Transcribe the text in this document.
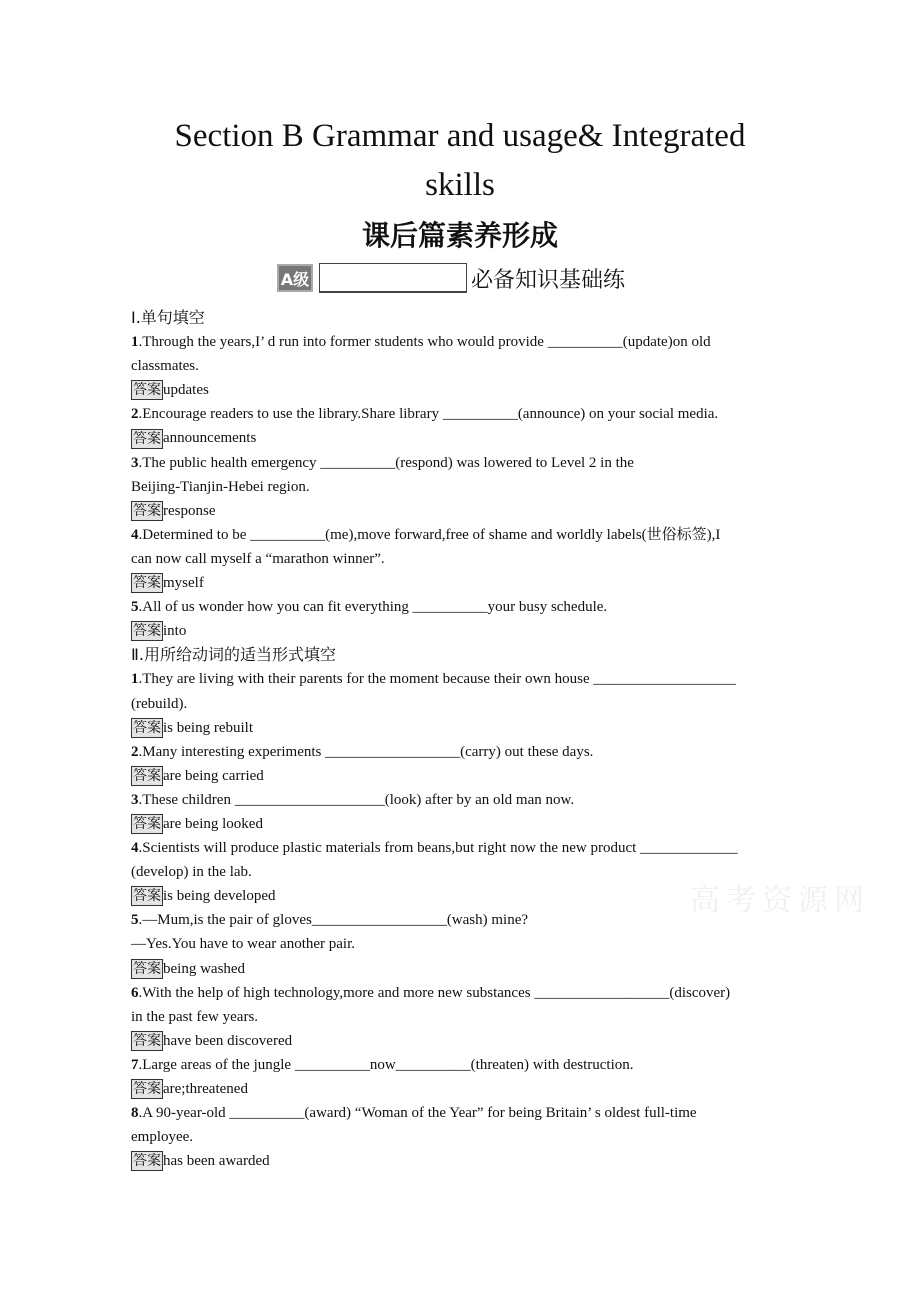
Section B Grammar and usage& Integrated
skills
课后篇素养形成
A级	必备知识基础练
Ⅰ.单句填空
1.Through the years,I’ d run into former students who would provide __________(update)on old
classmates.
答案 updates
2.Encourage readers to use the library.Share library __________(announce) on your social media.
答案 announcements
3.The public health emergency __________(respond) was lowered to Level 2 in the
Beijing-Tianjin-Hebei region.
答案 response
4.Determined to be __________(me),move forward,free of shame and worldly labels(世俗标签),I
can now call myself a “marathon winner”.
答案 myself
5.All of us wonder how you can fit everything __________your busy schedule.
答案 into
Ⅱ.用所给动词的适当形式填空
1.They are living with their parents for the moment because their own house ___________________
(rebuild).
答案 is being rebuilt
2.Many interesting experiments __________________(carry) out these days.
答案 are being carried
3.These children ____________________(look) after by an old man now.
答案 are being looked
4.Scientists will produce plastic materials from beans,but right now the new product _____________
(develop) in the lab.
答案 is being developed
5.—Mum,is the pair of gloves__________________(wash) mine?
—Yes.You have to wear another pair.
答案 being washed
6.With the help of high technology,more and more new substances __________________(discover)
in the past few years.
答案 have been discovered
7.Large areas of the jungle __________now__________(threaten) with destruction.
答案 are;threatened
8.A 90-year-old __________(award) “Woman of the Year” for being Britain’ s oldest full-time
employee.
答案 has been awarded
高考资源网
